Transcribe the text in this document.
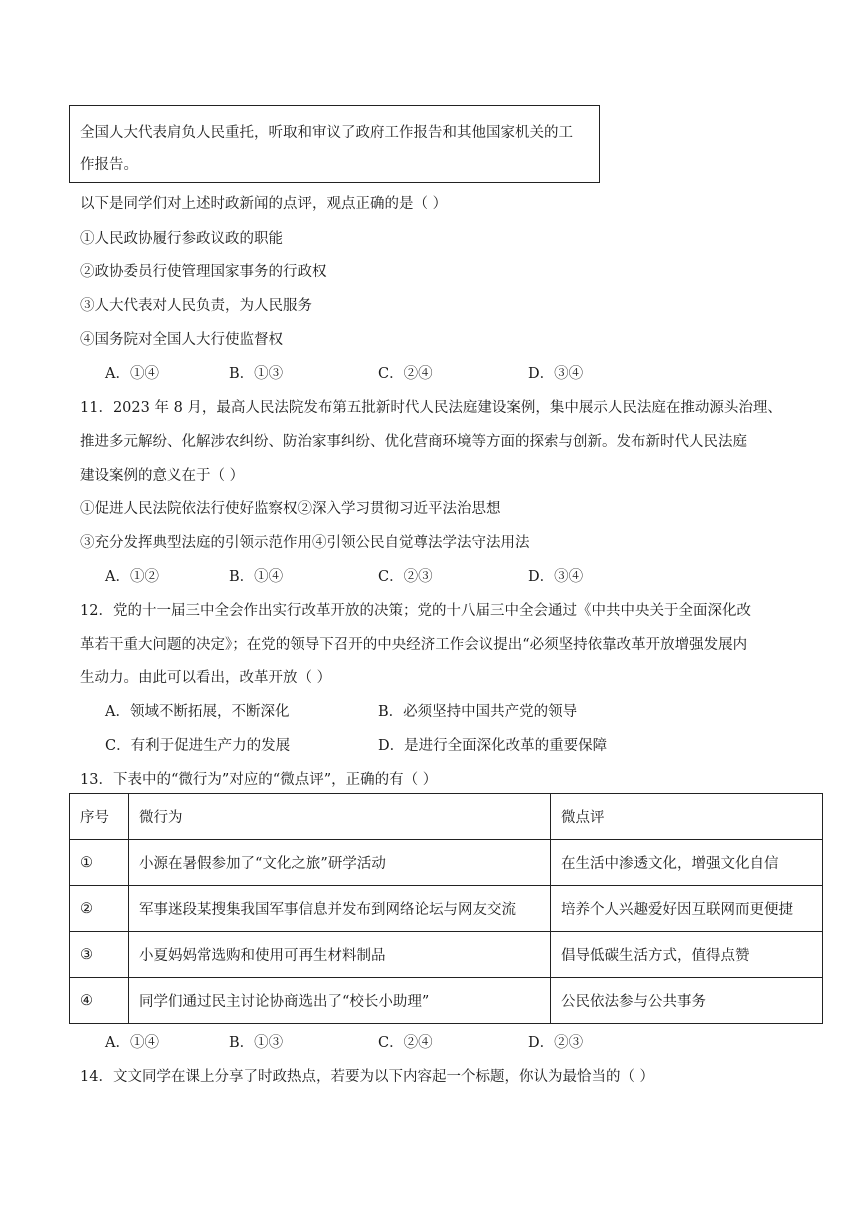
全国人大代表肩负人民重托，听取和审议了政府工作报告和其他国家机关的工
作报告。
以下是同学们对上述时政新闻的点评，观点正确的是（ ）
①人民政协履行参政议政的职能
②政协委员行使管理国家事务的行政权
③人大代表对人民负责，为人民服务
④国务院对全国人大行使监督权
A．①④	B．①③	C．②④	D．③④
11．2023 年 8 月，最高人民法院发布第五批新时代人民法庭建设案例，集中展示人民法庭在推动源头治理、
推进多元解纷、化解涉农纠纷、防治家事纠纷、优化营商环境等方面的探索与创新。发布新时代人民法庭
建设案例的意义在于（ ）
①促进人民法院依法行使好监察权②深入学习贯彻习近平法治思想
③充分发挥典型法庭的引领示范作用④引领公民自觉尊法学法守法用法
A．①②	B．①④	C．②③	D．③④
12．党的十一届三中全会作出实行改革开放的决策；党的十八届三中全会通过《中共中央关于全面深化改
革若干重大问题的决定》；在党的领导下召开的中央经济工作会议提出“必须坚持依靠改革开放增强发展内
生动力。由此可以看出，改革开放（ ）
A．领域不断拓展，不断深化	B．必须坚持中国共产党的领导
C．有利于促进生产力的发展	D．是进行全面深化改革的重要保障
13．下表中的“微行为”对应的“微点评”，正确的有（ ）
序号	微行为	微点评
①	小源在暑假参加了“文化之旅”研学活动	在生活中渗透文化，增强文化自信
②	军事迷段某搜集我国军事信息并发布到网络论坛与网友交流	培养个人兴趣爱好因互联网而更便捷
③	小夏妈妈常选购和使用可再生材料制品	倡导低碳生活方式，值得点赞
④	同学们通过民主讨论协商选出了“校长小助理”	公民依法参与公共事务
A．①④	B．①③	C．②④	D．②③
14．文文同学在课上分享了时政热点，若要为以下内容起一个标题，你认为最恰当的（ ）
